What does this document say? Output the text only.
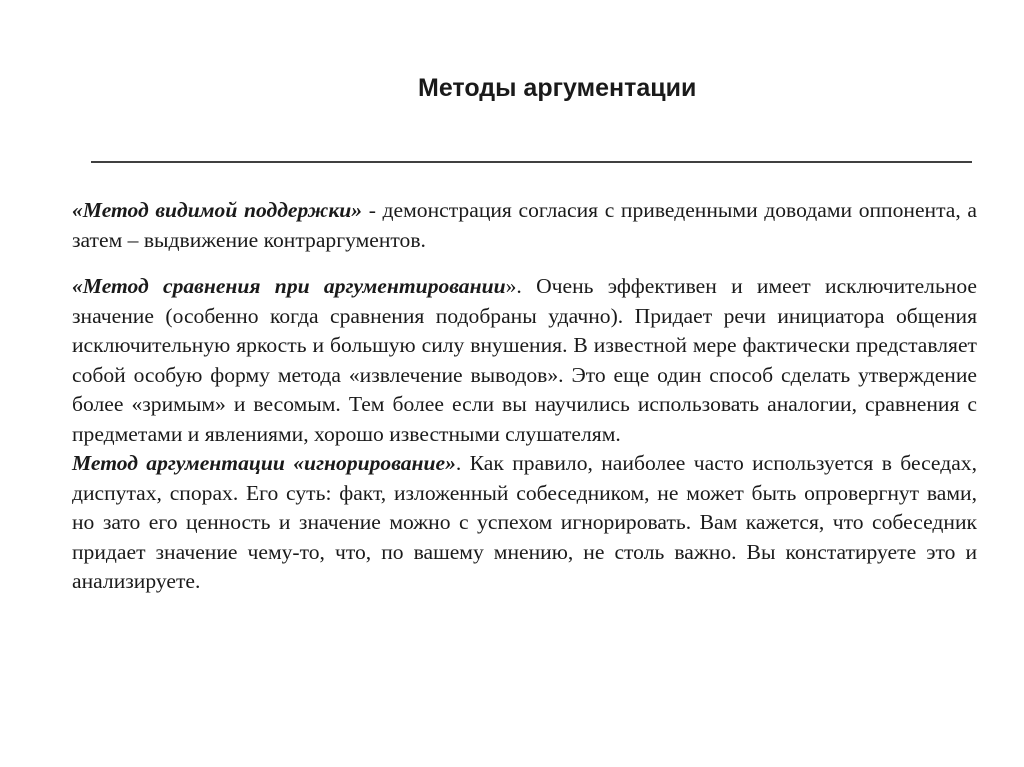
Методы аргументации

«Метод видимой поддержки» - демонстрация согласия с приведенными доводами оппонента, а затем – выдвижение контраргументов.

«Метод сравнения при аргументировании». Очень эффективен и имеет исключительное значение (особенно когда сравнения подобраны удачно). Придает речи инициатора общения исключительную яркость и большую силу внушения. В известной мере фактически представляет собой особую форму метода «извлечение выводов». Это еще один способ сделать утверждение более «зримым» и весомым. Тем более если вы научились использовать аналогии, сравнения с предметами и явлениями, хорошо известными слушателям.

Метод аргументации «игнорирование». Как правило, наиболее часто используется в беседах, диспутах, спорах. Его суть: факт, изложенный собеседником, не может быть опровергнут вами, но зато его ценность и значение можно с успехом игнорировать. Вам кажется, что собеседник придает значение чему-то, что, по вашему мнению, не столь важно. Вы констатируете это и анализируете.
